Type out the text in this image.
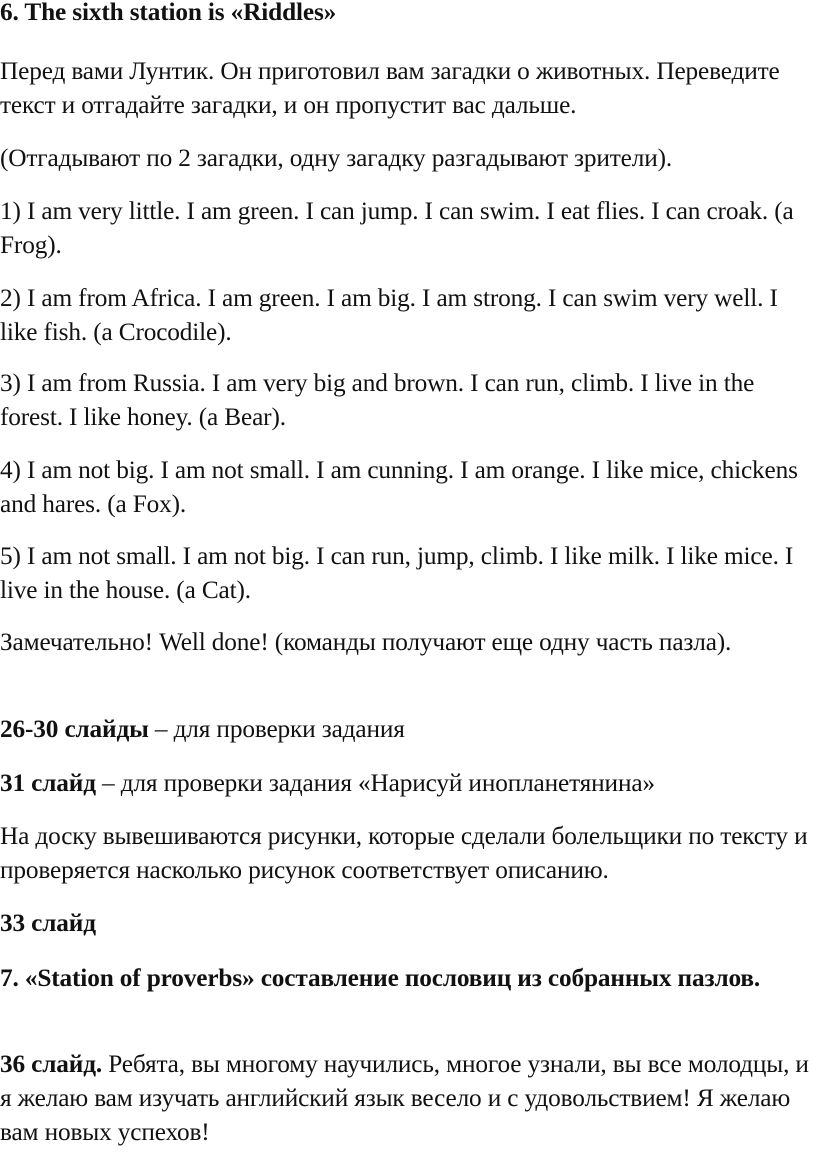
6. The sixth station is «Riddles»

Перед вами Лунтик. Он приготовил вам загадки о животных. Переведите текст и отгадайте загадки, и он пропустит вас дальше.

(Отгадывают по 2 загадки, одну загадку разгадывают зрители).

1) I am very little. I am green. I can jump. I can swim. I eat flies. I can croak. (a Frog).

2) I am from Africa. I am green. I am big. I am strong. I can swim very well. I like fish. (a Crocodile).

3) I am from Russia. I am very big and brown. I can run, climb. I live in the forest. I like honey. (a Bear).

4) I am not big. I am not small. I am cunning. I am orange. I like mice, chickens and hares. (a Fox).

5) I am not small. I am not big. I can run, jump, climb. I like milk. I like mice. I live in the house. (a Cat).

Замечательно! Well done! (команды получают еще одну часть пазла).

26-30 слайды – для проверки задания

31 слайд – для проверки задания «Нарисуй инопланетянина»

На доску вывешиваются рисунки, которые сделали болельщики по тексту и проверяется насколько рисунок соответствует описанию.

33 слайд

7. «Station of proverbs» составление пословиц из собранных пазлов.

36 слайд. Ребята, вы многому научились, многое узнали, вы все молодцы, и я желаю вам изучать английский язык весело и с удовольствием! Я желаю вам новых успехов!
